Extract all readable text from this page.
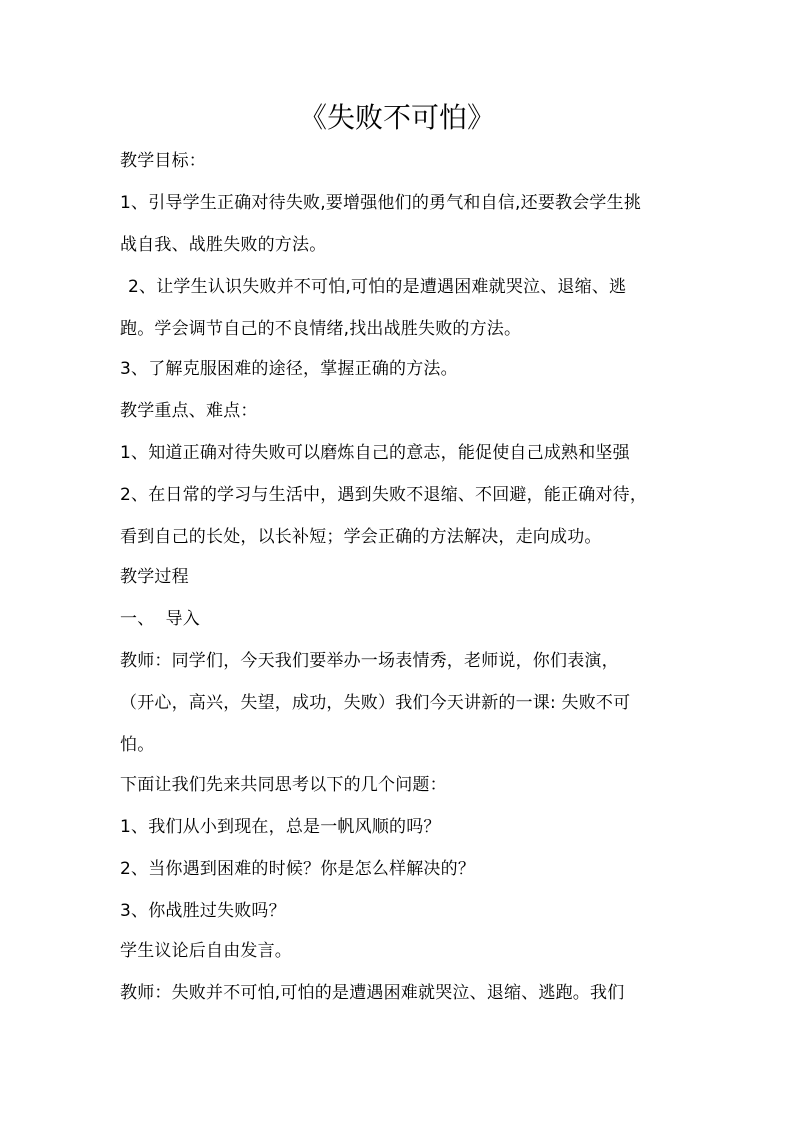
《失败不可怕》
教学目标：
1、引导学生正确对待失败,要增强他们的勇气和自信,还要教会学生挑
战自我、战胜失败的方法。
2、让学生认识失败并不可怕,可怕的是遭遇困难就哭泣、退缩、逃
跑。学会调节自己的不良情绪,找出战胜失败的方法。
3、了解克服困难的途径，掌握正确的方法。
教学重点、难点：
1、知道正确对待失败可以磨炼自己的意志，能促使自己成熟和坚强
2、在日常的学习与生活中，遇到失败不退缩、不回避，能正确对待，
看到自己的长处，以长补短；学会正确的方法解决，走向成功。
教学过程
一、  导入
教师：同学们，今天我们要举办一场表情秀，老师说，你们表演，
（开心，高兴，失望，成功，失败）我们今天讲新的一课: 失败不可
怕。
下面让我们先来共同思考以下的几个问题：
1、我们从小到现在，总是一帆风顺的吗？
2、当你遇到困难的时候？你是怎么样解决的？
3、你战胜过失败吗？
学生议论后自由发言。
教师：失败并不可怕,可怕的是遭遇困难就哭泣、退缩、逃跑。我们
